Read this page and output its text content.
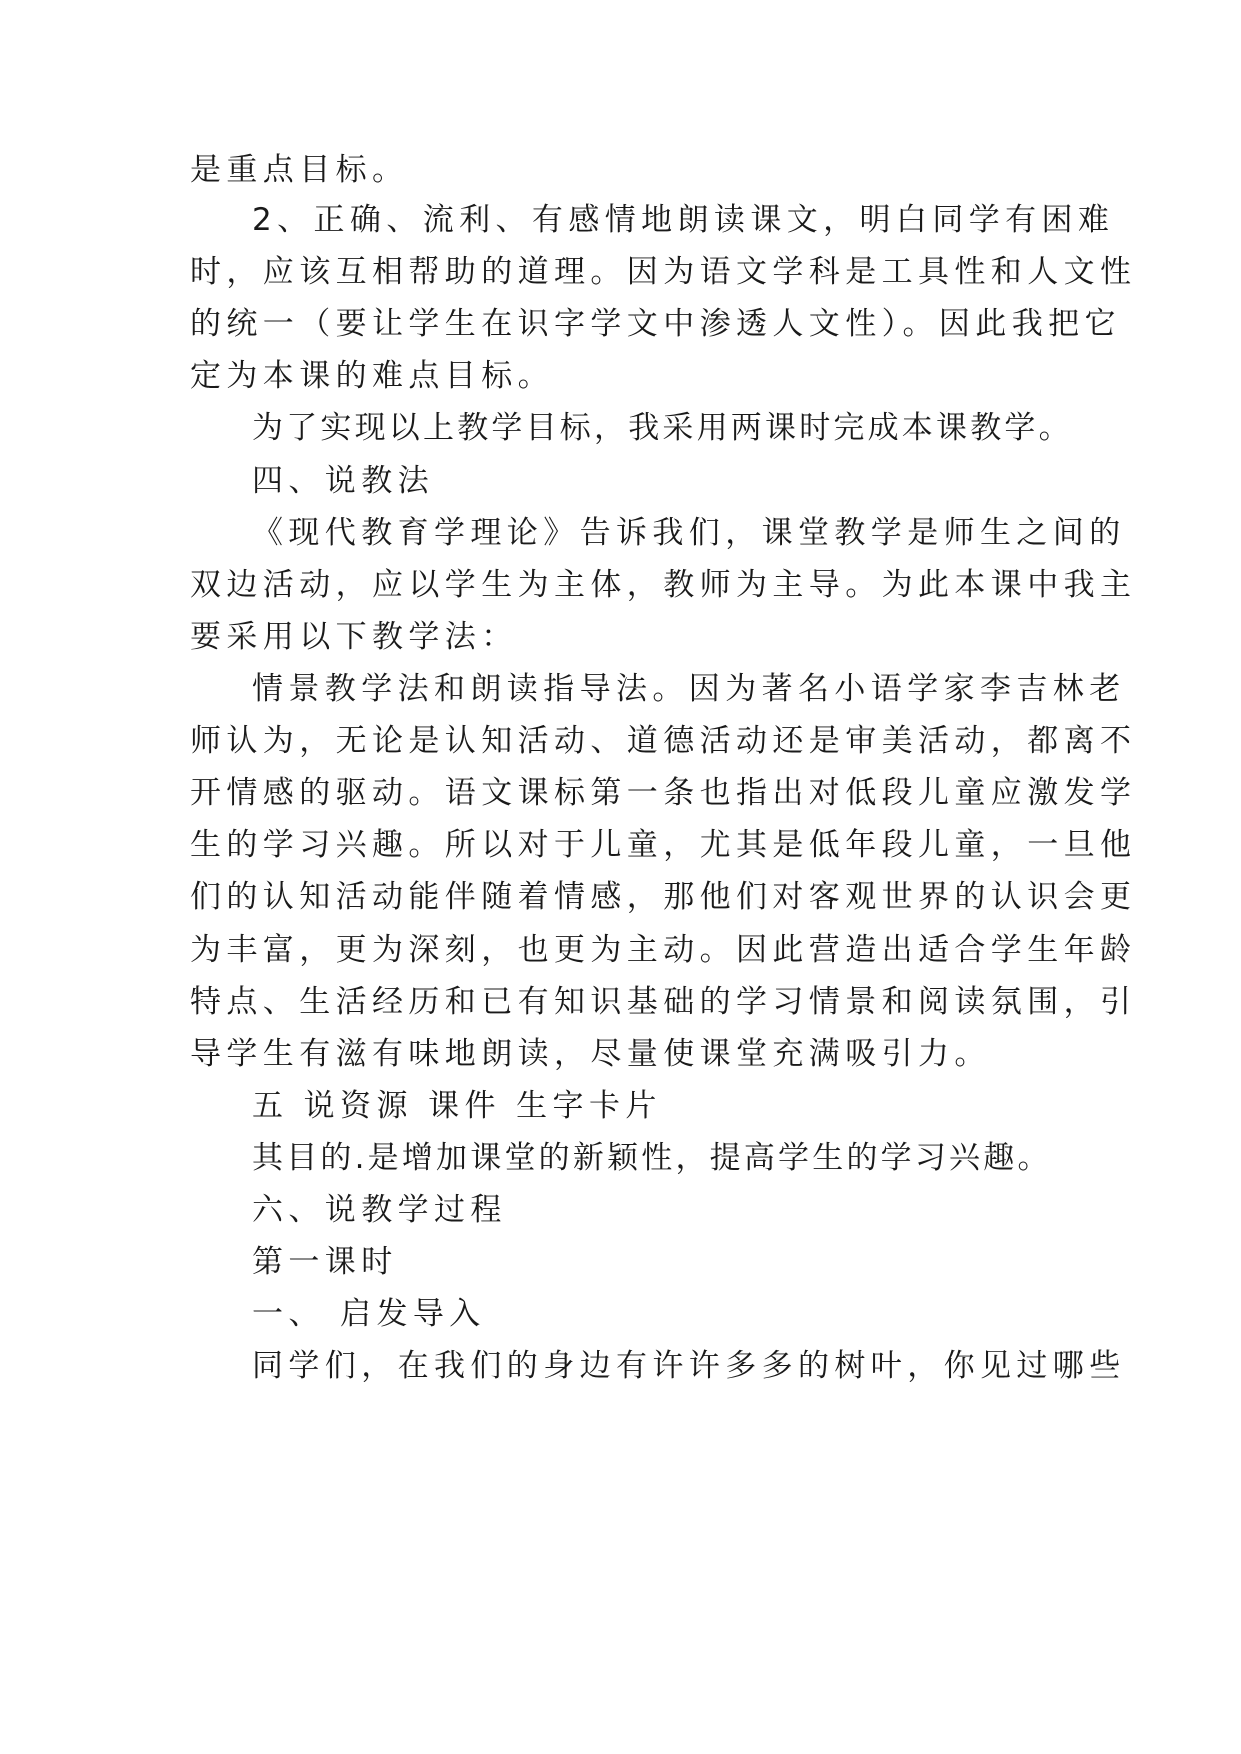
是重点目标。
2、正确、流利、有感情地朗读课文，明白同学有困难
时，应该互相帮助的道理。因为语文学科是工具性和人文性
的统一（要让学生在识字学文中渗透人文性）。因此我把它
定为本课的难点目标。
为了实现以上教学目标，我采用两课时完成本课教学。
四、说教法
《现代教育学理论》告诉我们，课堂教学是师生之间的
双边活动，应以学生为主体，教师为主导。为此本课中我主
要采用以下教学法：
情景教学法和朗读指导法。因为著名小语学家李吉林老
师认为，无论是认知活动、道德活动还是审美活动，都离不
开情感的驱动。语文课标第一条也指出对低段儿童应激发学
生的学习兴趣。所以对于儿童，尤其是低年段儿童，一旦他
们的认知活动能伴随着情感，那他们对客观世界的认识会更
为丰富，更为深刻，也更为主动。因此营造出适合学生年龄
特点、生活经历和已有知识基础的学习情景和阅读氛围，引
导学生有滋有味地朗读，尽量使课堂充满吸引力。
五 说资源 课件 生字卡片
其目的.是增加课堂的新颖性，提高学生的学习兴趣。
六、说教学过程
第一课时
一、 启发导入
同学们，在我们的身边有许许多多的树叶，你见过哪些
